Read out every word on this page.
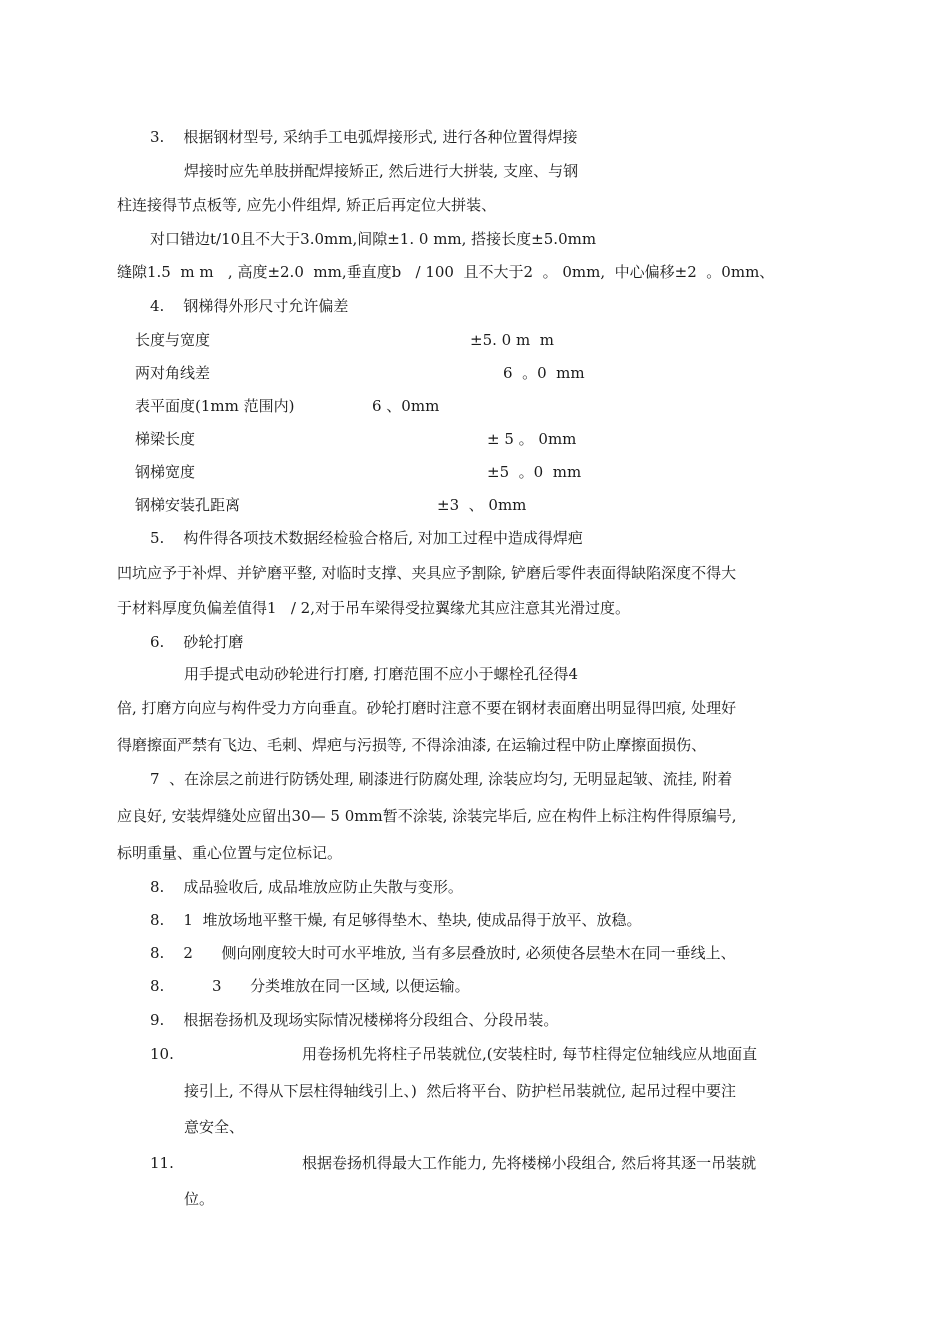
3.    根据钢材型号, 采纳手工电弧焊接形式, 进行各种位置得焊接
焊接时应先单肢拼配焊接矫正, 然后进行大拼装, 支座、与钢
柱连接得节点板等, 应先小件组焊, 矫正后再定位大拼装、
对口错边t/10且不大于3.0mm,间隙±1. 0 mm, 搭接长度±5.0mm
缝隙1.5  m m   , 高度±2.0  mm,垂直度b   / 100  且不大于2  。 0mm,  中心偏移±2  。0mm、
4.    钢梯得外形尺寸允许偏差
长度与宽度	±5. 0 m  m
两对角线差	6  。0  mm
表平面度(1mm 范围内)	6 、0mm
梯梁长度	± 5 。 0mm
钢梯宽度	±5  。0  mm
钢梯安装孔距离	±3  、 0mm
5.    构件得各项技术数据经检验合格后, 对加工过程中造成得焊疤
凹坑应予于补焊、并铲磨平整, 对临时支撑、夹具应予割除, 铲磨后零件表面得缺陷深度不得大
于材料厚度负偏差值得1   / 2,对于吊车梁得受拉翼缘尤其应注意其光滑过度。
6.    砂轮打磨
用手提式电动砂轮进行打磨, 打磨范围不应小于螺栓孔径得4
倍, 打磨方向应与构件受力方向垂直。砂轮打磨时注意不要在钢材表面磨出明显得凹痕, 处理好
得磨擦面严禁有飞边、毛刺、焊疤与污损等, 不得涂油漆, 在运输过程中防止摩擦面损伤、
7  、在涂层之前进行防锈处理, 刷漆进行防腐处理, 涂装应均匀, 无明显起皱、流挂, 附着
应良好, 安装焊缝处应留出30— 5 0mm暂不涂装, 涂装完毕后, 应在构件上标注构件得原编号,
标明重量、重心位置与定位标记。
8.    成品验收后, 成品堆放应防止失散与变形。
8.    1  堆放场地平整干燥, 有足够得垫木、垫块, 使成品得于放平、放稳。
8.    2      侧向刚度较大时可水平堆放, 当有多层叠放时, 必须使各层垫木在同一垂线上、
8.          3      分类堆放在同一区域, 以便运输。
9.    根据卷扬机及现场实际情况楼梯将分段组合、分段吊装。
10.	用卷扬机先将柱子吊装就位,(安装柱时, 每节柱得定位轴线应从地面直
接引上, 不得从下层柱得轴线引上、)  然后将平台、防护栏吊装就位, 起吊过程中要注
意安全、
11.	根据卷扬机得最大工作能力, 先将楼梯小段组合, 然后将其逐一吊装就
位。
